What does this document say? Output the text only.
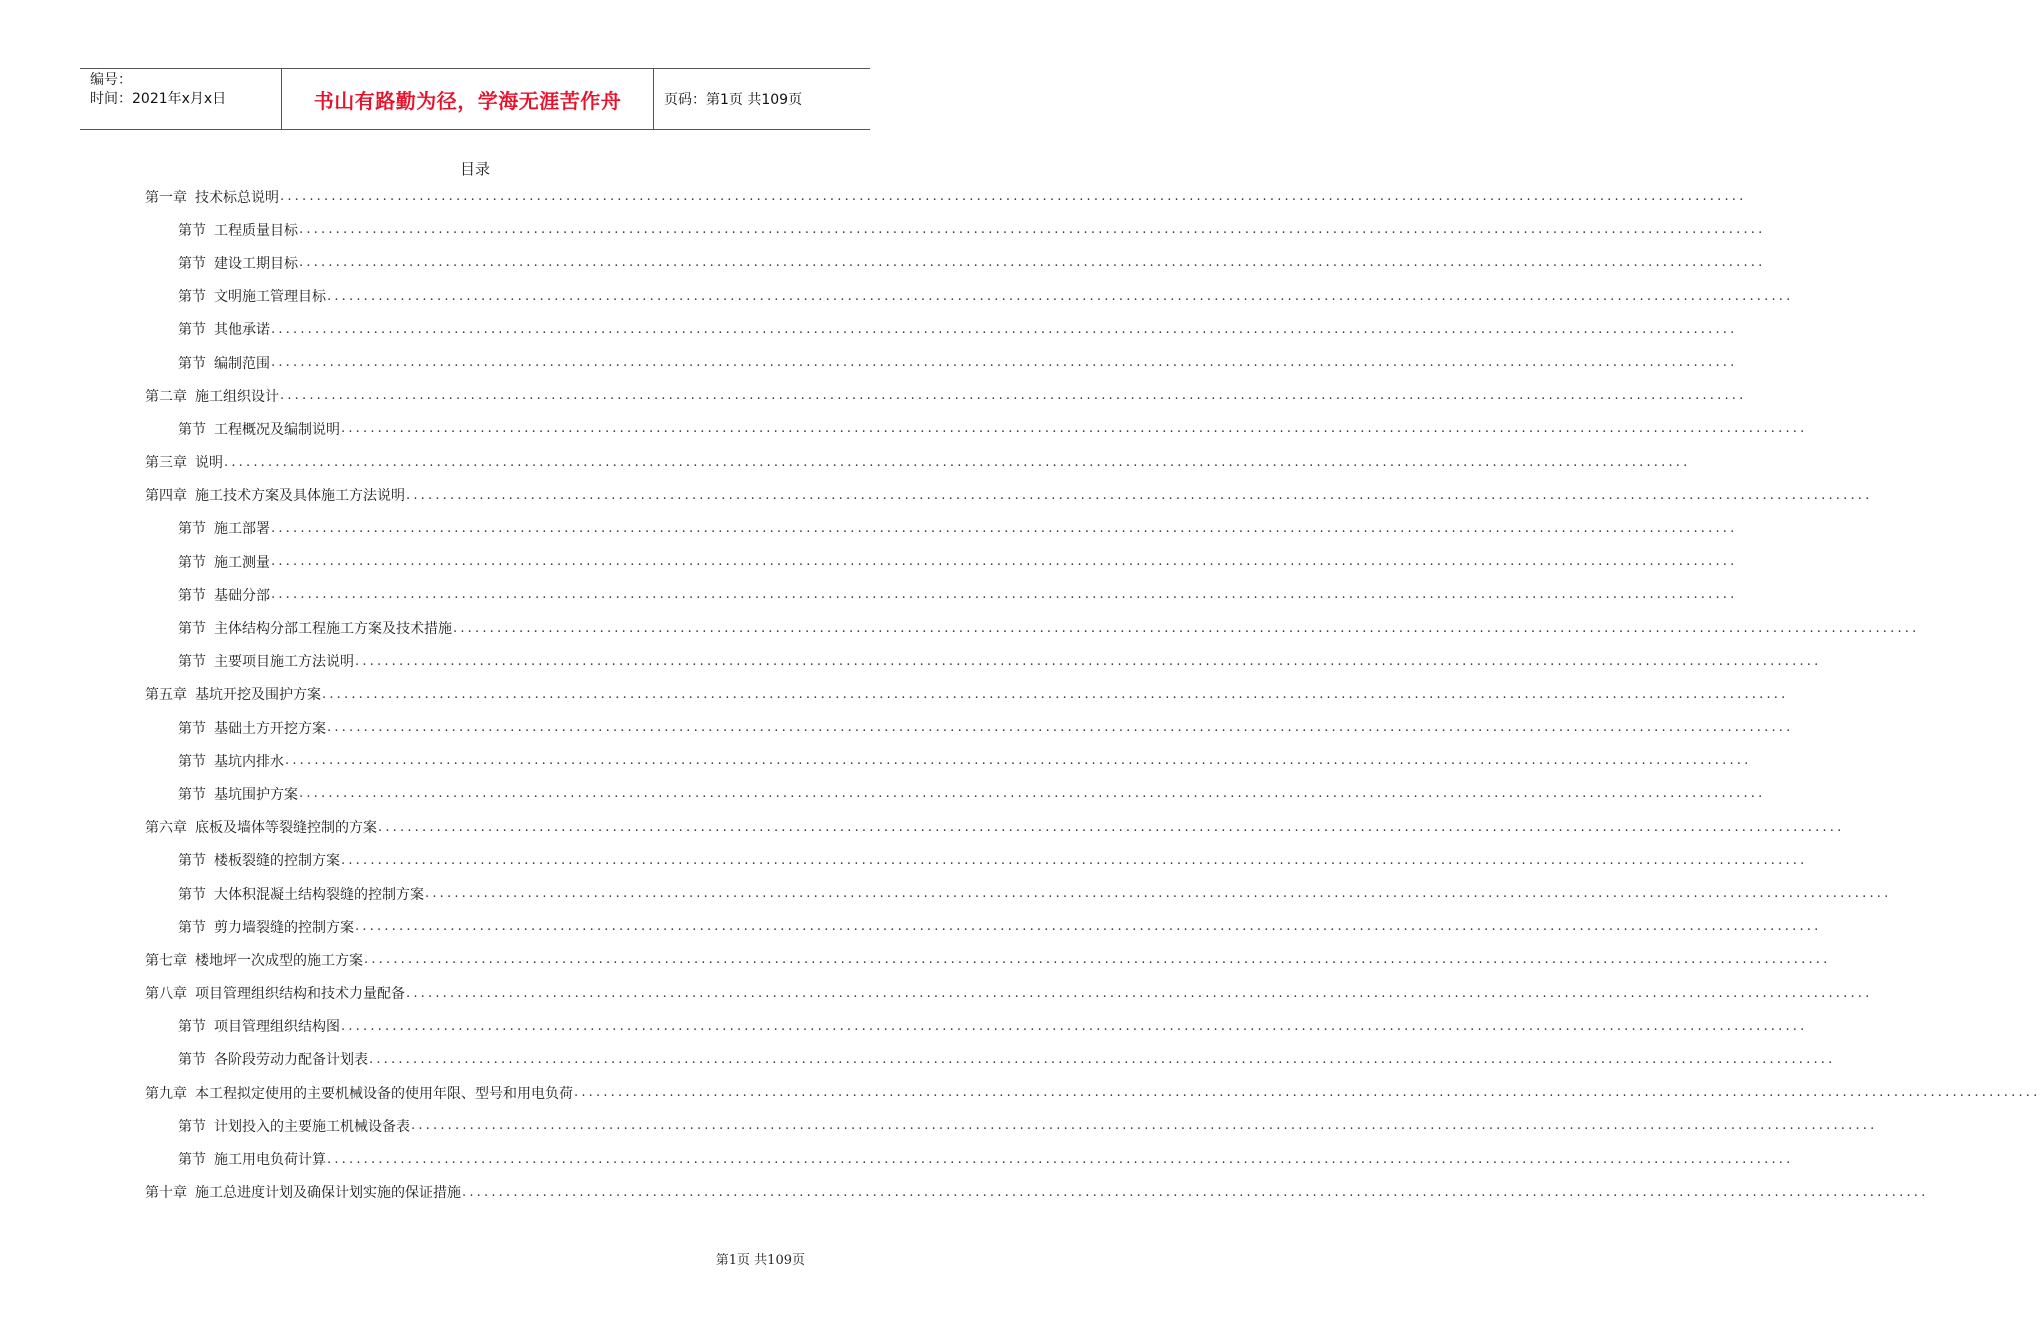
编号：
时间：2021年x月x日	书山有路勤为径，学海无涯苦作舟	页码：第1页 共109页
目录
第一章 技术标总说明 ........................................................................................................................................................................................................
第节 工程质量目标 ........................................................................................................................................................................................................
第节 建设工期目标 ........................................................................................................................................................................................................
第节 文明施工管理目标 ........................................................................................................................................................................................................
第节 其他承诺 ........................................................................................................................................................................................................
第节 编制范围 ........................................................................................................................................................................................................
第二章 施工组织设计 ........................................................................................................................................................................................................
第节 工程概况及编制说明 ........................................................................................................................................................................................................
第三章 说明 ........................................................................................................................................................................................................
第四章 施工技术方案及具体施工方法说明 ........................................................................................................................................................................................................
第节 施工部署 ........................................................................................................................................................................................................
第节 施工测量 ........................................................................................................................................................................................................
第节 基础分部 ........................................................................................................................................................................................................
第节 主体结构分部工程施工方案及技术措施 ........................................................................................................................................................................................................
第节 主要项目施工方法说明 ........................................................................................................................................................................................................
第五章 基坑开挖及围护方案 ........................................................................................................................................................................................................
第节 基础土方开挖方案 ........................................................................................................................................................................................................
第节 基坑内排水 ........................................................................................................................................................................................................
第节 基坑围护方案 ........................................................................................................................................................................................................
第六章 底板及墙体等裂缝控制的方案 ........................................................................................................................................................................................................
第节 楼板裂缝的控制方案 ........................................................................................................................................................................................................
第节 大体积混凝土结构裂缝的控制方案 ........................................................................................................................................................................................................
第节 剪力墙裂缝的控制方案 ........................................................................................................................................................................................................
第七章 楼地坪一次成型的施工方案 ........................................................................................................................................................................................................
第八章 项目管理组织结构和技术力量配备 ........................................................................................................................................................................................................
第节 项目管理组织结构图 ........................................................................................................................................................................................................
第节 各阶段劳动力配备计划表 ........................................................................................................................................................................................................
第九章 本工程拟定使用的主要机械设备的使用年限、型号和用电负荷 ........................................................................................................................................................................................................
第节 计划投入的主要施工机械设备表 ........................................................................................................................................................................................................
第节 施工用电负荷计算 ........................................................................................................................................................................................................
第十章 施工总进度计划及确保计划实施的保证措施 ........................................................................................................................................................................................................
第1页 共109页
